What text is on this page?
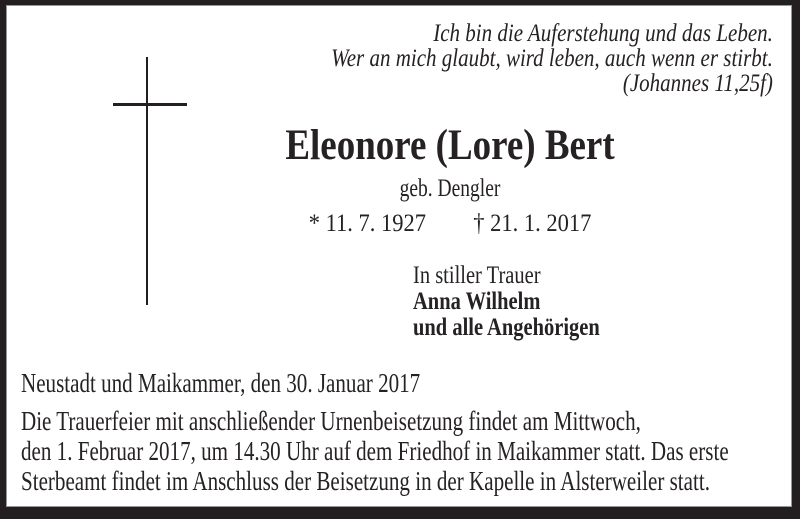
Ich bin die Auferstehung und das Leben.
Wer an mich glaubt, wird leben, auch wenn er stirbt.
(Johannes 11,25f)
Eleonore (Lore) Bert
geb. Dengler
* 11. 7. 1927 † 21. 1. 2017
In stiller Trauer
Anna Wilhelm
und alle Angehörigen
Neustadt und Maikammer, den 30. Januar 2017
Die Trauerfeier mit anschließender Urnenbeisetzung findet am Mittwoch,
den 1. Februar 2017, um 14.30 Uhr auf dem Friedhof in Maikammer statt. Das erste
Sterbeamt findet im Anschluss der Beisetzung in der Kapelle in Alsterweiler statt.
